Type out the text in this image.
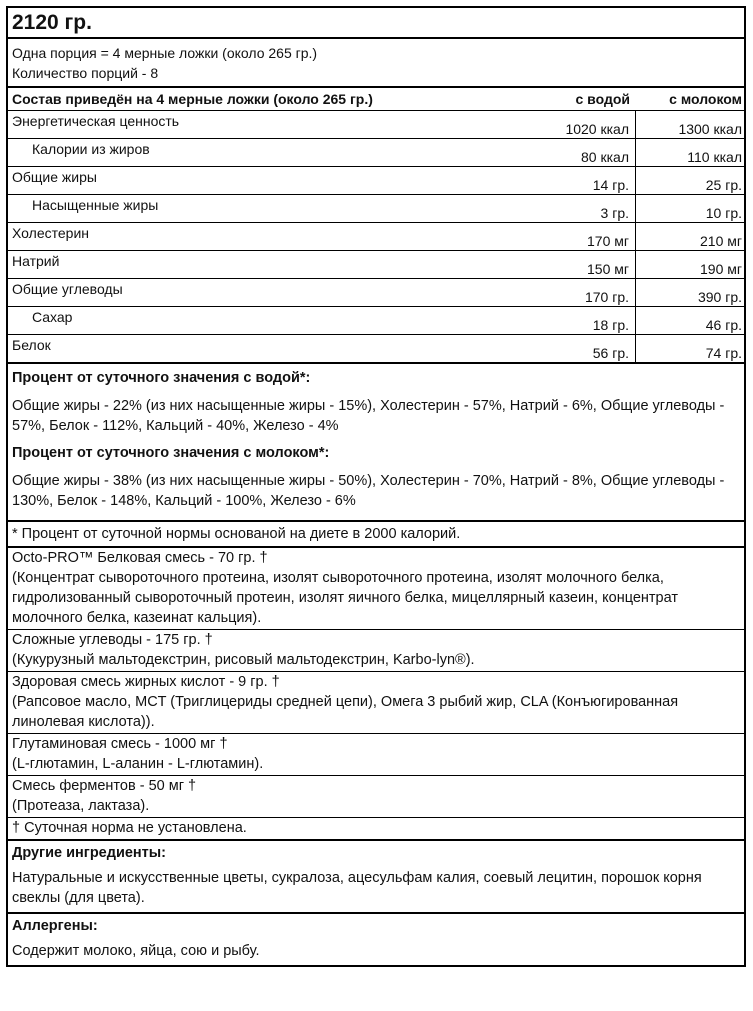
2120 гр.
Одна порция = 4 мерные ложки (около 265 гр.)
Количество порций - 8
Состав приведён на 4 мерные ложки (около 265 гр.)	с водой	с молоком
Энергетическая ценность	1020 ккал	1300 ккал
Калории из жиров	80 ккал	110 ккал
Общие жиры	14 гр.	25 гр.
Насыщенные жиры	3 гр.	10 гр.
Холестерин	170 мг	210 мг
Натрий	150 мг	190 мг
Общие углеводы	170 гр.	390 гр.
Сахар	18 гр.	46 гр.
Белок	56 гр.	74 гр.
Процент от суточного значения с водой*:
Общие жиры - 22% (из них насыщенные жиры - 15%), Холестерин - 57%, Натрий - 6%, Общие углеводы - 57%, Белок - 112%, Кальций - 40%, Железо - 4%
Процент от суточного значения с молоком*:
Общие жиры - 38% (из них насыщенные жиры - 50%), Холестерин - 70%, Натрий - 8%, Общие углеводы - 130%, Белок - 148%, Кальций - 100%, Железо - 6%
* Процент от суточной нормы основаной на диете в 2000 калорий.
Octo-PRO™ Белковая смесь - 70 гр. †
(Концентрат сывороточного протеина, изолят сывороточного протеина, изолят молочного белка, гидролизованный сывороточный протеин, изолят яичного белка, мицеллярный казеин, концентрат молочного белка, казеинат кальция).
Сложные углеводы - 175 гр. †
(Кукурузный мальтодекстрин, рисовый мальтодекстрин, Karbo-lyn®).
Здоровая смесь жирных кислот - 9 гр. †
(Рапсовое масло, MCT (Триглицериды средней цепи), Омега 3 рыбий жир, CLA (Конъюгированная линолевая кислота)).
Глутаминовая смесь - 1000 мг †
(L-глютамин, L-аланин - L-глютамин).
Смесь ферментов - 50 мг †
(Протеаза, лактаза).
† Суточная норма не установлена.
Другие ингредиенты:
Натуральные и искусственные цветы, сукралоза, ацесульфам калия, соевый лецитин, порошок корня свеклы (для цвета).
Аллергены:
Содержит молоко, яйца, сою и рыбу.
